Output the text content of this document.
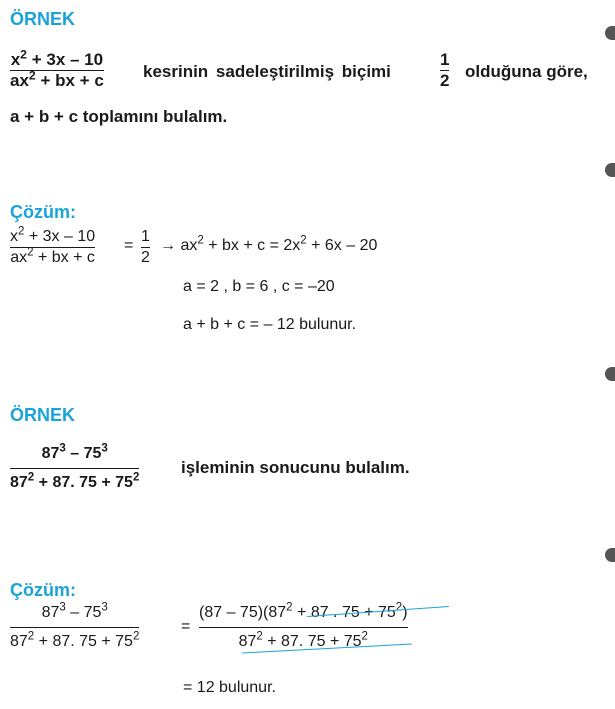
ÖRNEK
$x^2 + 3x - 10$
$ax^2$ + bx + c kesrinin sadeleştirilmiş biçimi
1
2 olduğuna göre,
a + b + c toplamını bulalım.
Çözüm:
$x^2 + 3x - 10$
$ax^2$ + bx + c
=
1
2
→ $ax^2$ + bx + $c = 2x^2 + 6x - 20$
a = 2 , b = 6 , c = –20
a + b + c = – 12 bulunur.
ÖRNEK
$87^3 - 75^3$
$87^2 + 87$. $75 + 75^2$
işleminin sonucunu bulalım.
Çözüm:
$87^3 - 75^3$
$87^2 + 87$. $75 + 75^2$
=
$(87 - 75)(87^2 + 87$ . $75 + 75^2$)
$87^2 + 87$. $75 + 75^2$
= 12 bulunur.
